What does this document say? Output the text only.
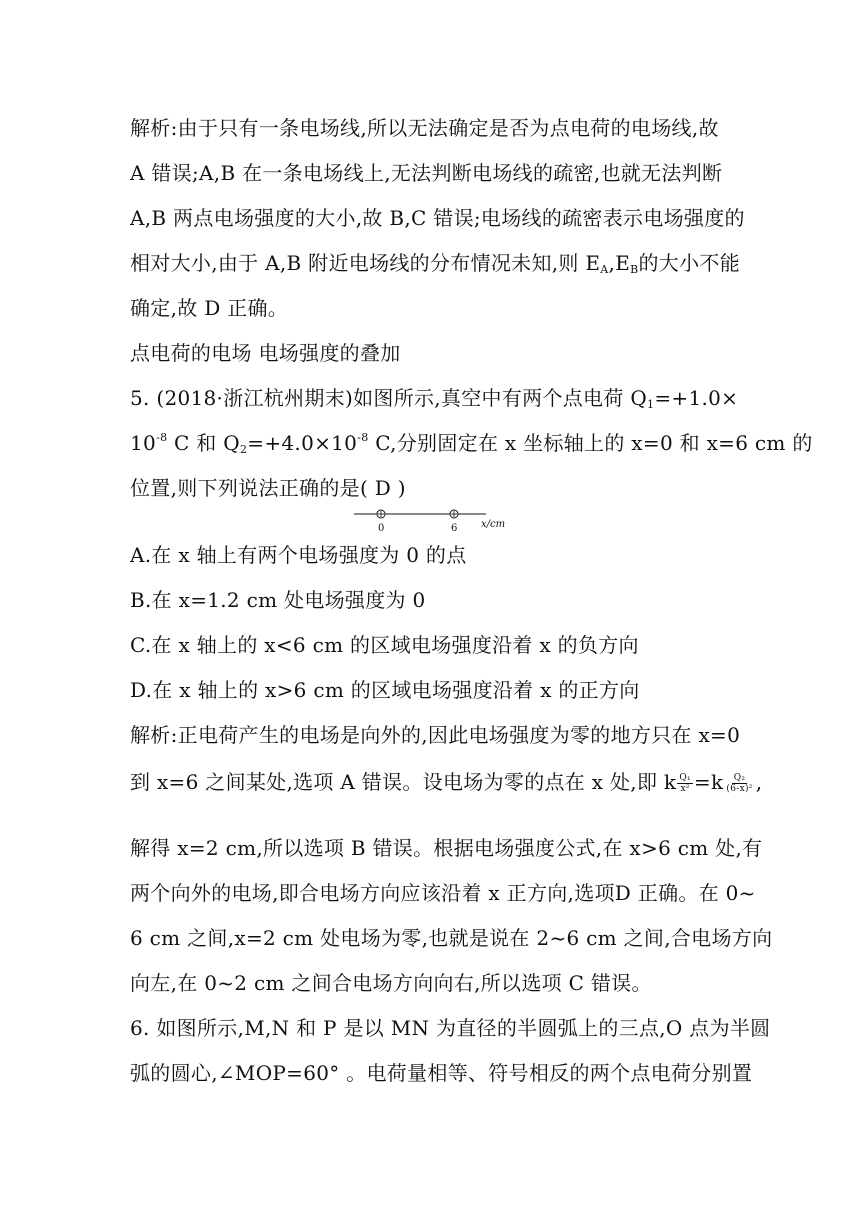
解析:由于只有一条电场线,所以无法确定是否为点电荷的电场线,故
A 错误;A,B 在一条电场线上,无法判断电场线的疏密,也就无法判断
A,B 两点电场强度的大小,故 B,C 错误;电场线的疏密表示电场强度的
相对大小,由于 A,B 附近电场线的分布情况未知,则 $E_A,E_B$的大小不能
确定,故 D 正确。
点电荷的电场 电场强度的叠加
5. (2018·浙江杭州期末)如图所示,真空中有两个点电荷 $Q_1=+1.0\times$
$10^{-8}$ C 和 $Q_2=+4.0\times 10^{-8}$ C,分别固定在 x 坐标轴上的 x=0 和 x=6 cm 的
位置,则下列说法正确的是( D )
0	6 x/cm
A.在 x 轴上有两个电场强度为 0 的点
B.在 x=1.2 cm 处电场强度为 0
C.在 x 轴上的 x<6 cm 的区域电场强度沿着 x 的负方向
D.在 x 轴上的 x>6 cm 的区域电场强度沿着 x 的正方向
解析:正电荷产生的电场是向外的,因此电场强度为零的地方只在 x=0
到 x=6 之间某处,选项 A 错误。设电场为零的点在 x 处,即 k $\frac{\text{Q₁}}{\text{x²}} =k \frac{\text{Q₂}}{\text{(6-x)²}}$ ,
解得 x=2 cm,所以选项 B 错误。根据电场强度公式,在 x>6 cm 处,有
两个向外的电场,即合电场方向应该沿着 x 正方向,选项D 正确。在 0~
6 cm 之间,x=2 cm 处电场为零,也就是说在 2~6 cm 之间,合电场方向
向左,在 0~2 cm 之间合电场方向向右,所以选项 C 错误。
6. 如图所示,M,N 和 P 是以 MN 为直径的半圆弧上的三点,O 点为半圆
弧的圆心,∠MOP=60° 。电荷量相等、符号相反的两个点电荷分别置
